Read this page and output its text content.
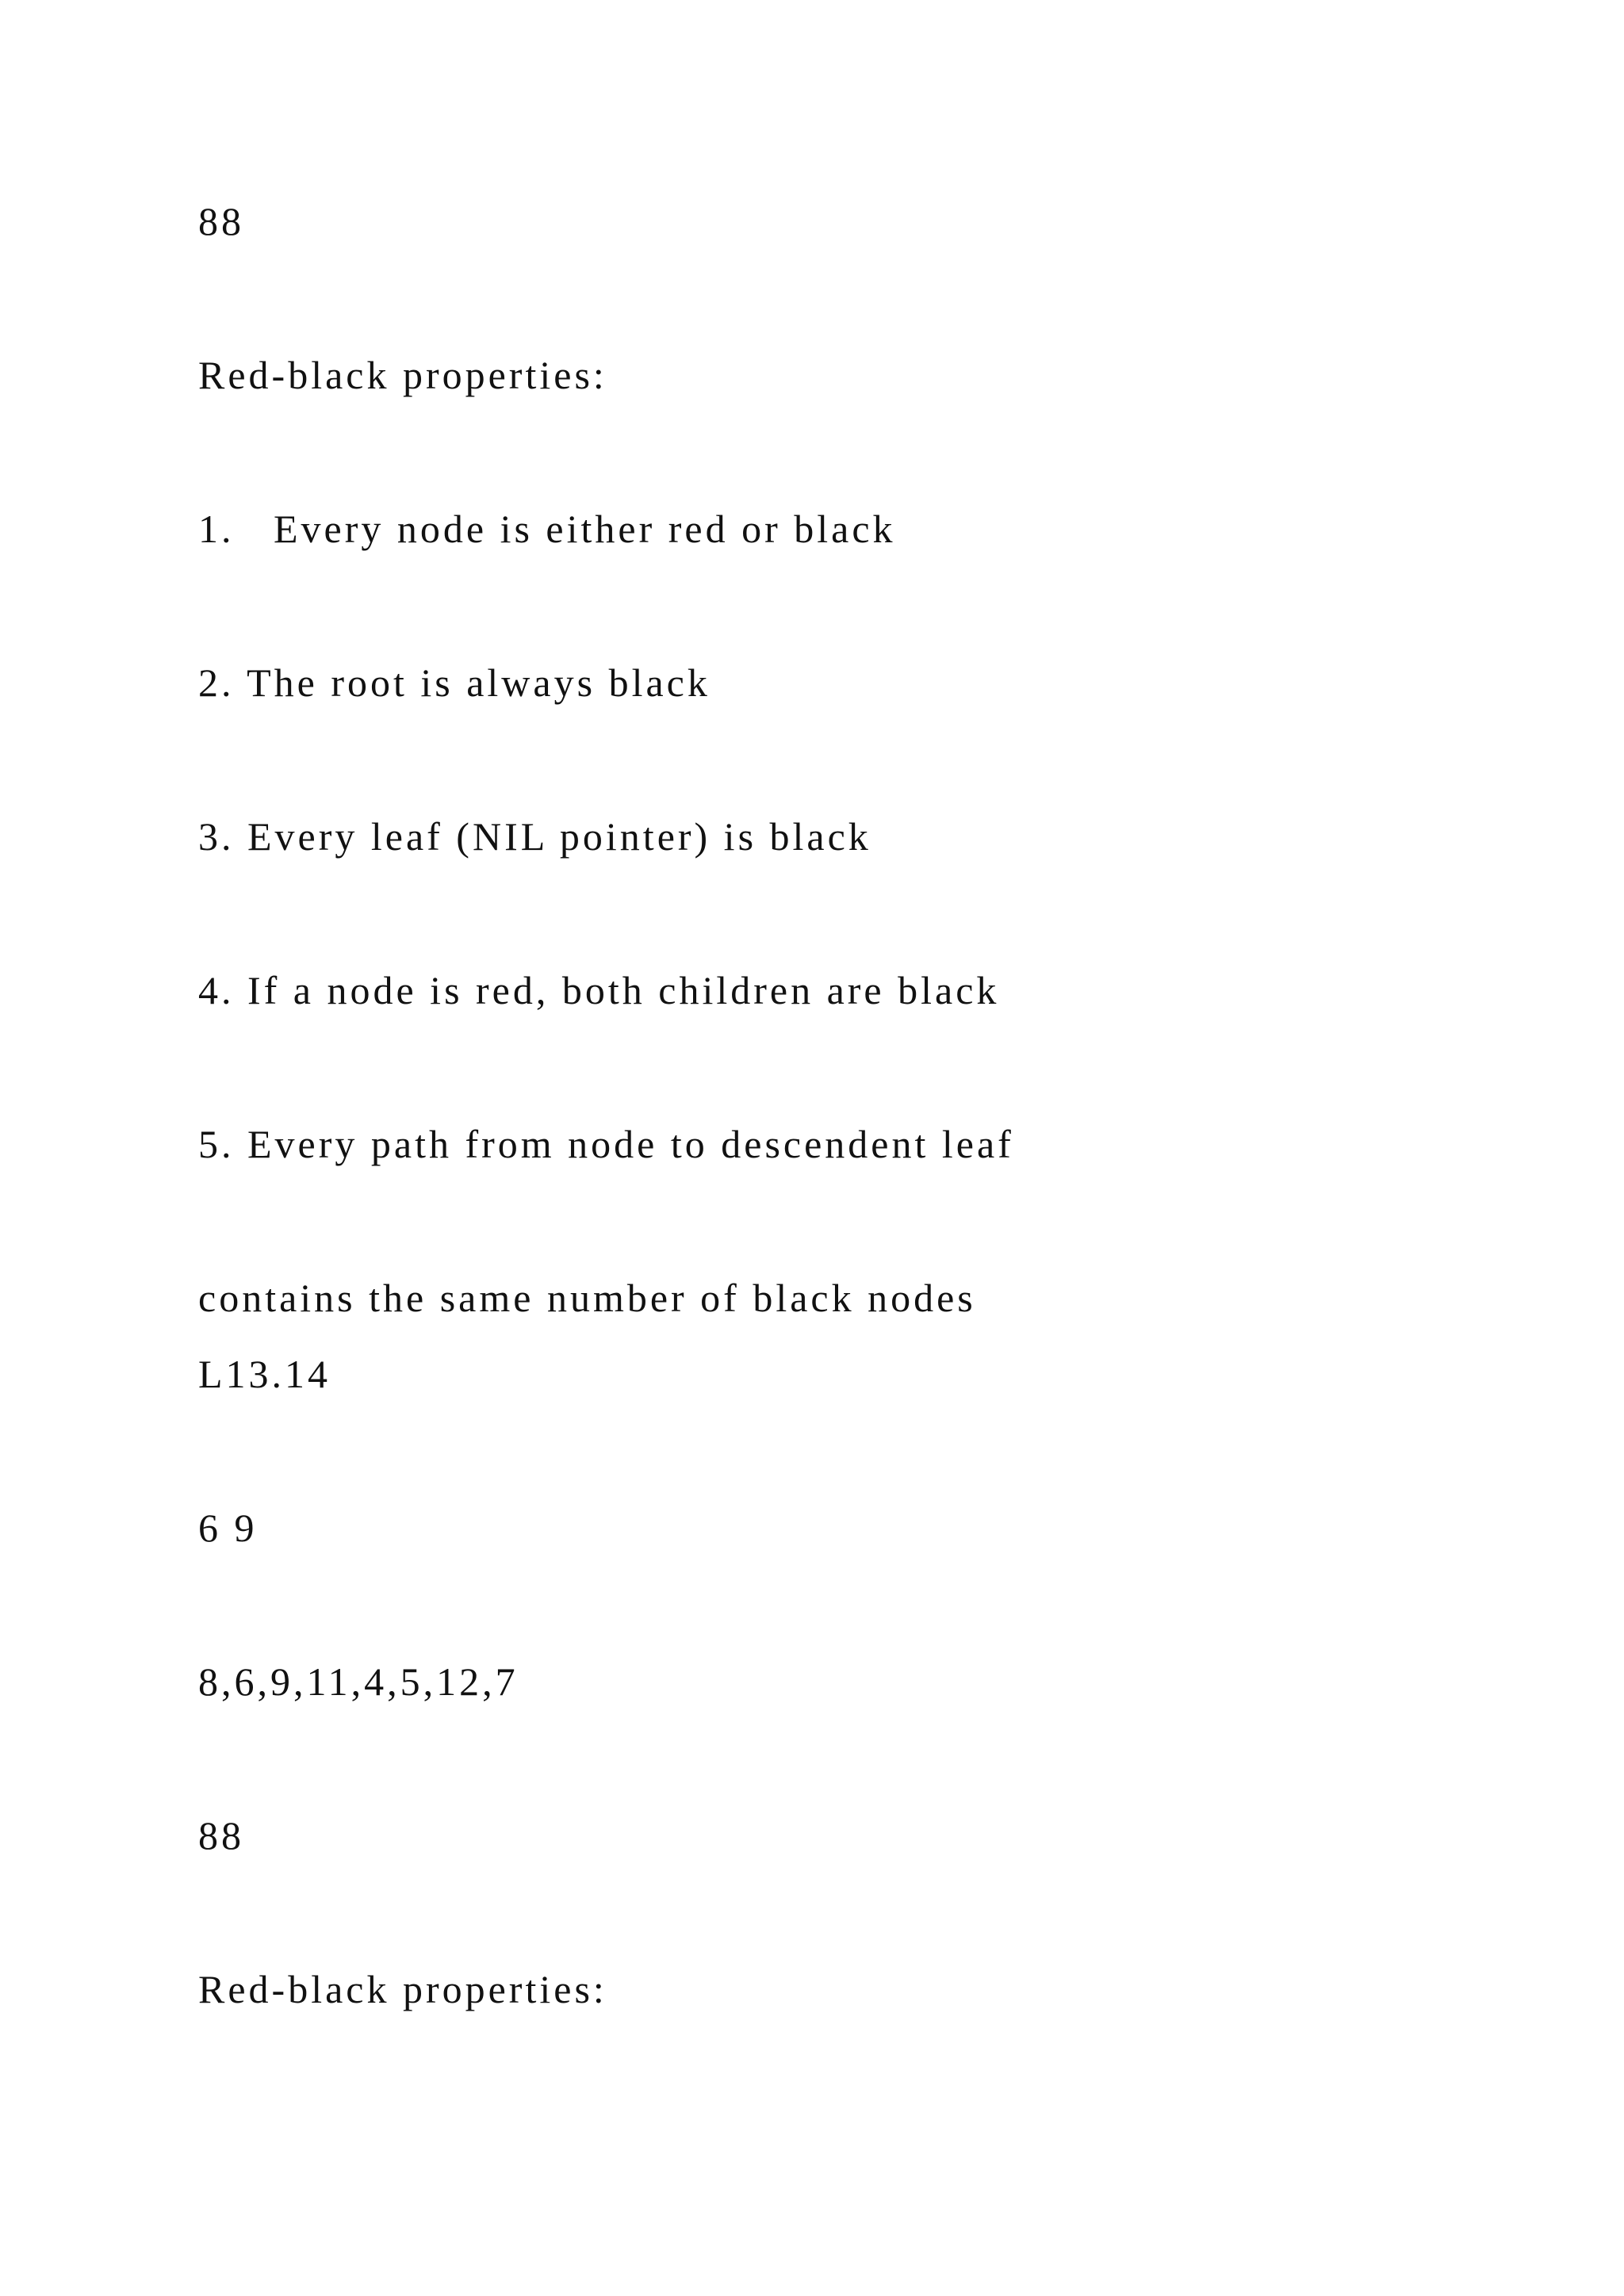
88
Red-black properties:
1.   Every node is either red or black
2. The root is always black
3. Every leaf (NIL pointer) is black
4. If a node is red, both children are black
5. Every path from node to descendent leaf
contains the same number of black nodes
L13.14
6 9
8,6,9,11,4,5,12,7
88
Red-black properties:
